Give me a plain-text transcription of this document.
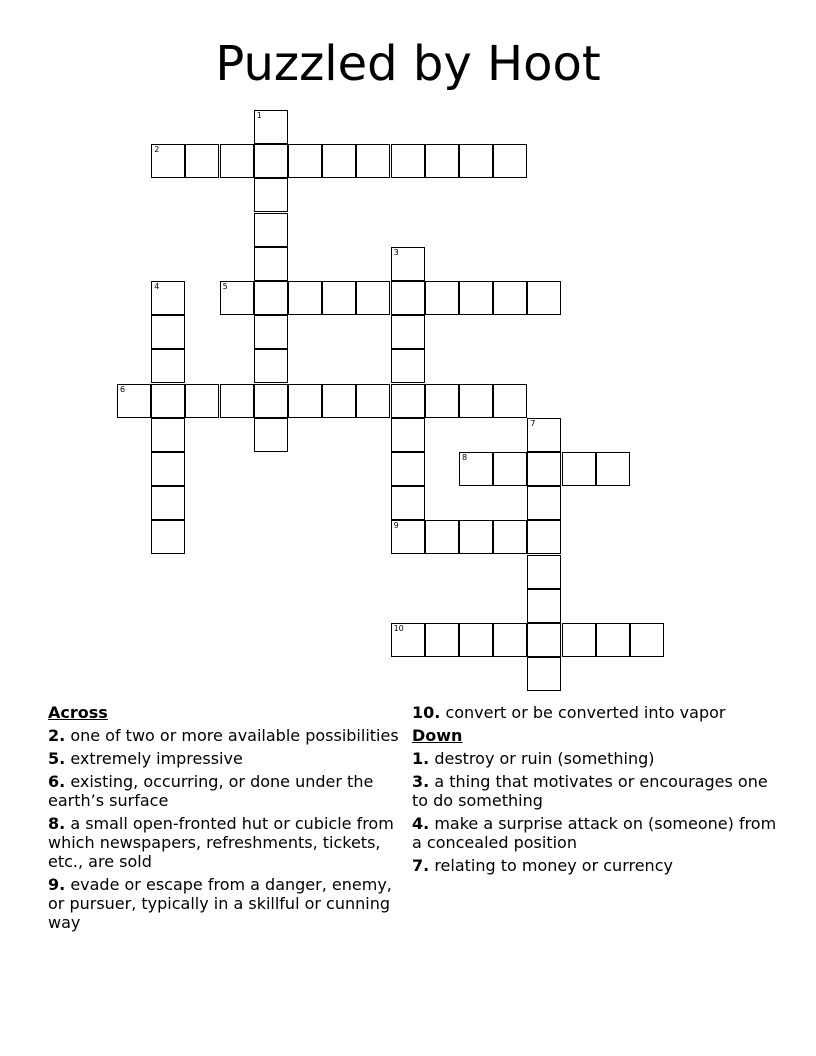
Puzzled by Hoot
1
2
3
9
4	5
6
7
8
10
Across
2. one of two or more available possibilities
5. extremely impressive
6. existing, occurring, or done under the earth’s surface
8. a small open-fronted hut or cubicle from which newspapers, refreshments, tickets, etc., are sold
9. evade or escape from a danger, enemy, or pursuer, typically in a skillful or cunning way
10. convert or be converted into vapor
Down
1. destroy or ruin (something)
3. a thing that motivates or encourages one to do something
4. make a surprise attack on (someone) from a concealed position
7. relating to money or currency
